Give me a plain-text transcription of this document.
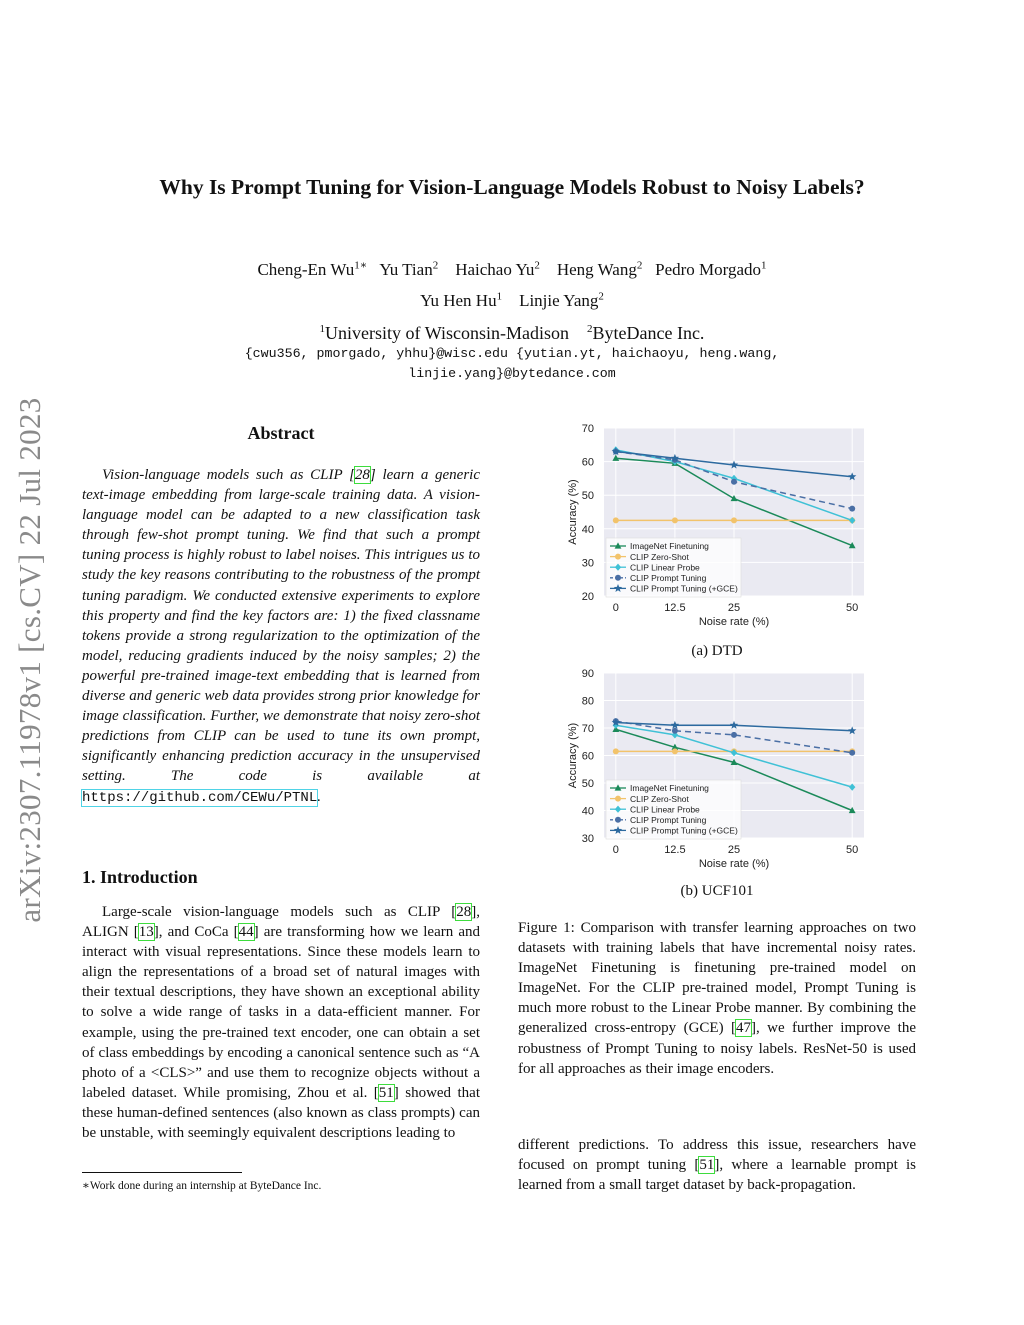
arXiv:2307.11978v1 [cs.CV] 22 Jul 2023
Why Is Prompt Tuning for Vision-Language Models Robust to Noisy Labels?
Cheng-En $Wu^{1∗}$ Yu Tian$^2$ Haichao Yu$^2$ Heng Wang$^2$ Pedro Morgado$^1$
Yu Hen Hu$^1$ Linjie Yang$^2$
$^1$University of Wisconsin-Madison $^2$ByteDance Inc.
{cwu356, pmorgado, yhhu}@wisc.edu {yutian.yt, haichaoyu, heng.wang,
linjie.yang}@bytedance.com
Abstract
Vision-language models such as CLIP [28] learn a generic text-image embedding from large-scale training data. A vision-language model can be adapted to a new classification task through few-shot prompt tuning. We find that such a prompt tuning process is highly robust to label noises. This intrigues us to study the key reasons contributing to the robustness of the prompt tuning paradigm. We conducted extensive experiments to explore this property and find the key factors are: 1) the fixed classname tokens provide a strong regularization to the optimization of the model, reducing gradients induced by the noisy samples; 2) the powerful pre-trained image-text embedding that is learned from diverse and generic web data provides strong prior knowledge for image classification. Further, we demonstrate that noisy zero-shot predictions from CLIP can be used to tune its own prompt, significantly enhancing prediction accuracy in the unsupervised setting. The code is available at https://github.com/CEWu/PTNL.
1. Introduction
Large-scale vision-language models such as CLIP [28], ALIGN [13], and CoCa [44] are transforming how we learn and interact with visual representations. Since these models learn to align the representations of a broad set of natural images with their textual descriptions, they have shown an exceptional ability to solve a wide range of tasks in a data-efficient manner. For example, using the pre-trained text encoder, one can obtain a set of class embeddings by encoding a canonical sentence such as “A photo of a <CLS>” and use them to recognize objects without a labeled dataset. While promising, Zhou et al. [51] showed that these human-defined sentences (also known as class prompts) can be unstable, with seemingly equivalent descriptions leading to
∗Work done during an internship at ByteDance Inc.
20
30
40
50
60
70
0	12.5	25	50
Noise rate (%)
Accuracy (%)
ImageNet Finetuning
CLIP Zero-Shot
CLIP Linear Probe
CLIP Prompt Tuning
CLIP Prompt Tuning (+GCE)
(a) DTD
30
40
50
60
70
80
90
0	12.5	25	50
Noise rate (%)
Accuracy (%)	ImageNet Finetuning
CLIP Zero-Shot
CLIP Linear Probe
CLIP Prompt Tuning
CLIP Prompt Tuning (+GCE)
(b) UCF101
Figure 1: Comparison with transfer learning approaches on two datasets with training labels that have incremental noisy rates. ImageNet Finetuning is finetuning pre-trained model on ImageNet. For the CLIP pre-trained model, Prompt Tuning is much more robust to the Linear Probe manner. By combining the generalized cross-entropy (GCE) [47], we further improve the robustness of Prompt Tuning to noisy labels. ResNet-50 is used for all approaches as their image encoders.
different predictions. To address this issue, researchers have focused on prompt tuning [51], where a learnable prompt is learned from a small target dataset by back-propagation.
